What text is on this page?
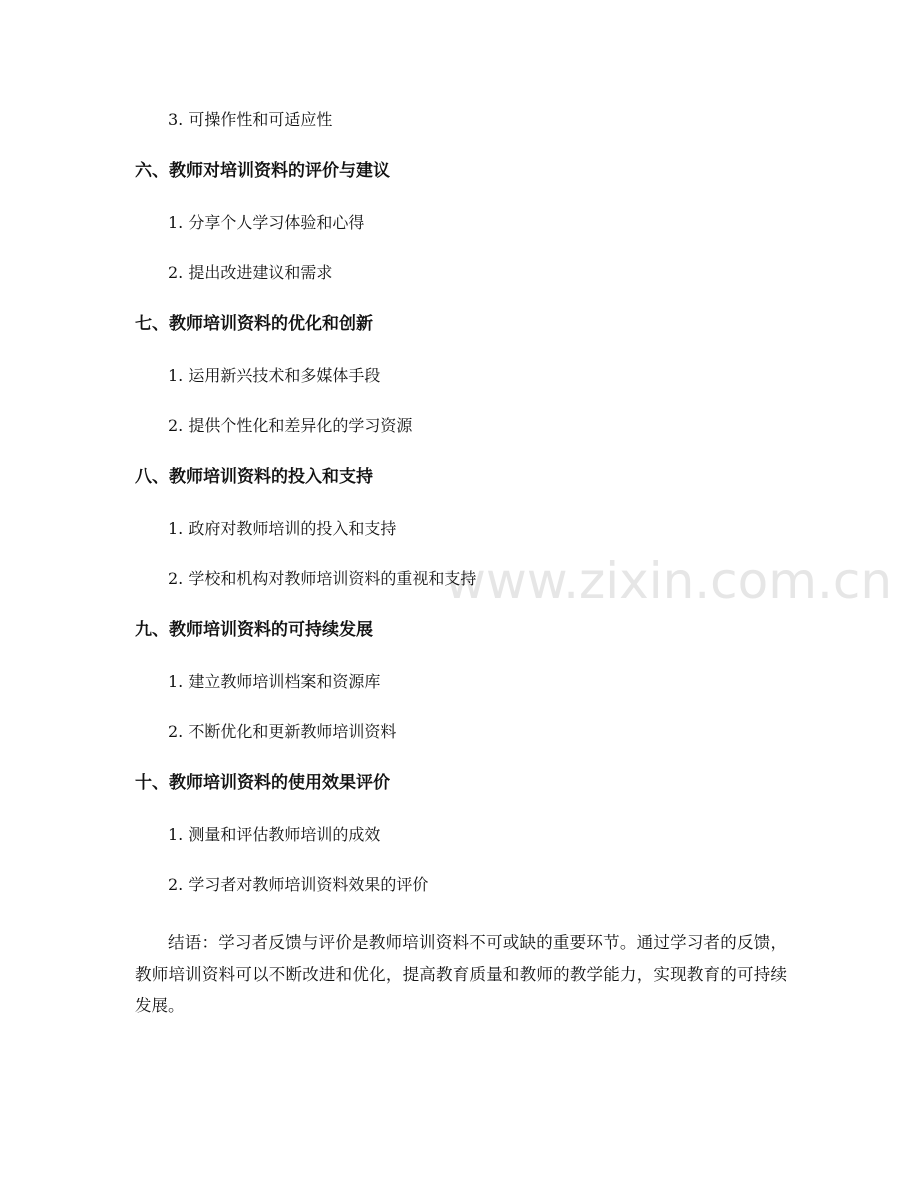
www.zixin.com.cn
3. 可操作性和可适应性
六、教师对培训资料的评价与建议
1. 分享个人学习体验和心得
2. 提出改进建议和需求
七、教师培训资料的优化和创新
1. 运用新兴技术和多媒体手段
2. 提供个性化和差异化的学习资源
八、教师培训资料的投入和支持
1. 政府对教师培训的投入和支持
2. 学校和机构对教师培训资料的重视和支持
九、教师培训资料的可持续发展
1. 建立教师培训档案和资源库
2. 不断优化和更新教师培训资料
十、教师培训资料的使用效果评价
1. 测量和评估教师培训的成效
2. 学习者对教师培训资料效果的评价
结语：学习者反馈与评价是教师培训资料不可或缺的重要环节。通过学习者的反馈，教师培训资料可以不断改进和优化，提高教育质量和教师的教学能力，实现教育的可持续发展。
